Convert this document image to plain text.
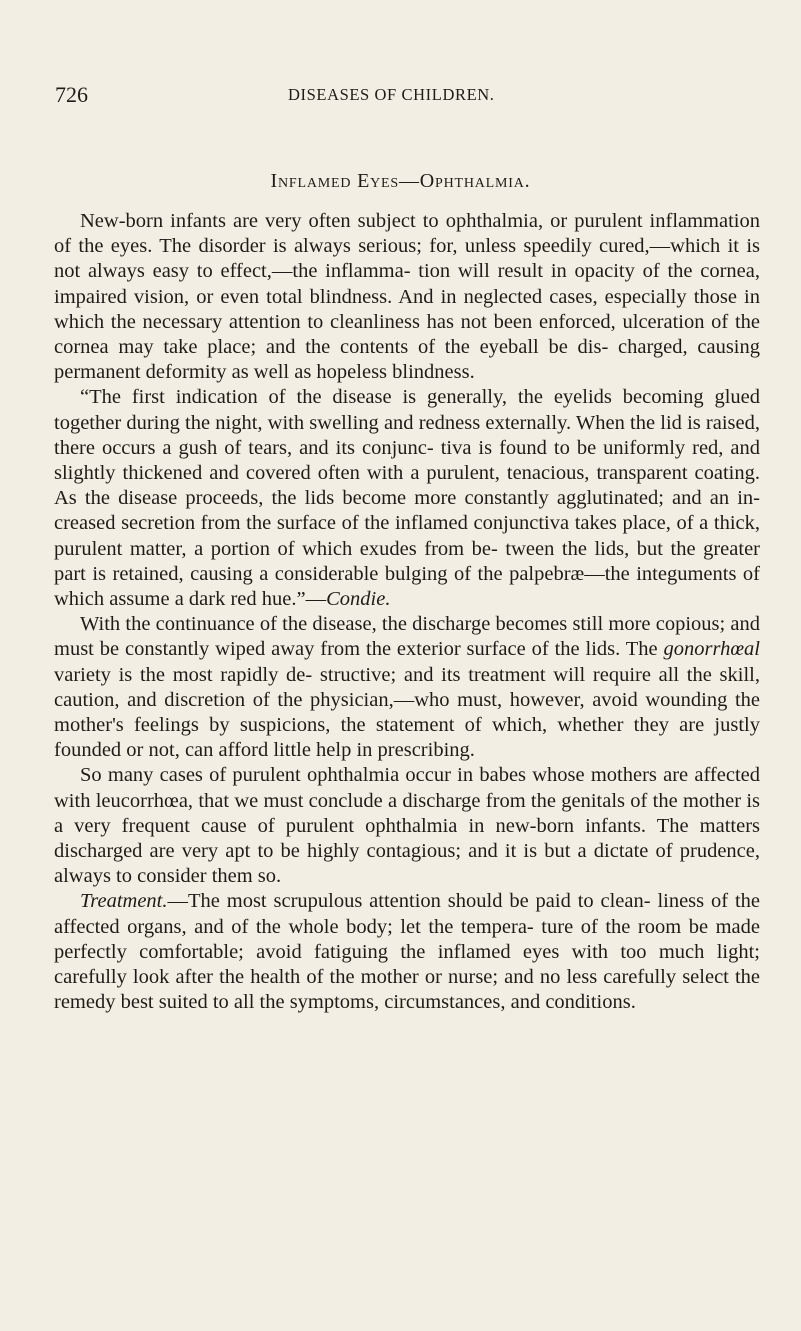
726	DISEASES OF CHILDREN.
Inflamed Eyes—Ophthalmia.

New-born infants are very often subject to ophthalmia, or purulent inflammation of the eyes. The disorder is always serious; for, unless speedily cured,—which it is not always easy to effect,—the inflamma- tion will result in opacity of the cornea, impaired vision, or even total blindness. And in neglected cases, especially those in which the necessary attention to cleanliness has not been enforced, ulceration of the cornea may take place; and the contents of the eyeball be dis- charged, causing permanent deformity as well as hopeless blindness.

“The first indication of the disease is generally, the eyelids becoming glued together during the night, with swelling and redness externally. When the lid is raised, there occurs a gush of tears, and its conjunc- tiva is found to be uniformly red, and slightly thickened and covered often with a purulent, tenacious, transparent coating. As the disease proceeds, the lids become more constantly agglutinated; and an in- creased secretion from the surface of the inflamed conjunctiva takes place, of a thick, purulent matter, a portion of which exudes from be- tween the lids, but the greater part is retained, causing a considerable bulging of the palpebræ—the integuments of which assume a dark red hue.”—Condie.

With the continuance of the disease, the discharge becomes still more copious; and must be constantly wiped away from the exterior surface of the lids. The gonorrhœal variety is the most rapidly de- structive; and its treatment will require all the skill, caution, and discretion of the physician,—who must, however, avoid wounding the mother's feelings by suspicions, the statement of which, whether they are justly founded or not, can afford little help in prescribing.

So many cases of purulent ophthalmia occur in babes whose mothers are affected with leucorrhœa, that we must conclude a discharge from the genitals of the mother is a very frequent cause of purulent ophthalmia in new-born infants. The matters discharged are very apt to be highly contagious; and it is but a dictate of prudence, always to consider them so.

Treatment.—The most scrupulous attention should be paid to clean- liness of the affected organs, and of the whole body; let the tempera- ture of the room be made perfectly comfortable; avoid fatiguing the inflamed eyes with too much light; carefully look after the health of the mother or nurse; and no less carefully select the remedy best suited to all the symptoms, circumstances, and conditions.
